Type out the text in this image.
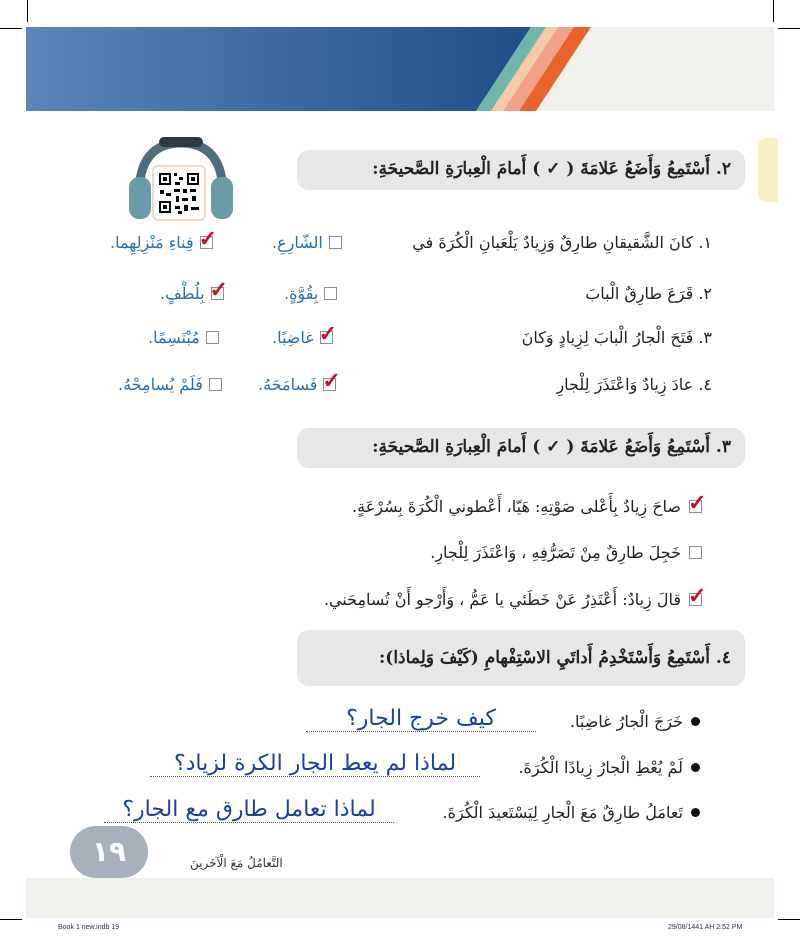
٢. أَسْتَمِعُ وَأَضَعُ عَلامَةَ ( ✓ ) أَمامَ الْعِبارَةِ الصَّحيحَةِ:
١. كانَ الشَّقيقانِ طارِقٌ وَزِيادٌ يَلْعَبانِ الْكُرَةَ في
الشّارِعِ.
✓
فِناءِ مَنْزِلِهِما.
٢. قَرَعَ طارِقٌ الْبابَ
بِقُوَّةٍ.
✓
بِلُطْفٍ.
٣. فَتَحَ الْجارُ الْبابَ لِزِيادٍ وَكانَ
✓
غاضِبًا.
مُبْتَسِمًا.
٤. عادَ زِيادٌ وَاعْتَذَرَ لِلْجارِ
✓
فَسامَحَهُ.
فَلَمْ يُسامِحْهُ.
٣. أَسْتَمِعُ وَأَضَعُ عَلامَةَ ( ✓ ) أَمامَ الْعِبارَةِ الصَّحيحَةِ:
✓
صاحَ زِيادٌ بِأَعْلى صَوْتِهِ: هَيّا، أَعْطوني الْكُرَةَ بِسُرْعَةٍ.
خَجِلَ طارِقٌ مِنْ تَصَرُّفِهِ ، وَاعْتَذَرَ لِلْجارِ.
✓
قالَ زِيادٌ: أَعْتَذِرُ عَنْ خَطَئي يا عَمُّ ، وَأَرْجو أَنْ تُسامِحَني.
٤. أَسْتَمِعُ وَأَسْتَخْدِمُ أَداتَيِ الاسْتِفْهامِ (كَيْفَ وَلِماذا):
خَرَجَ الْجارُ غاضِبًا.
كيف خرج الجار؟
لَمْ يُعْطِ الْجارُ زِيادًا الْكُرَةَ.
لماذا لم يعط الجار الكرة لزياد؟
تَعامَلُ طارِقٌ مَعَ الْجارِ لِيَسْتَعيدَ الْكُرَةَ.
لماذا تعامل طارق مع الجار؟
١٩	التَّعامُلُ مَعَ الْآخَرينَ
Book 1 new.indb 19	29/08/1441 AH 2:52 PM
